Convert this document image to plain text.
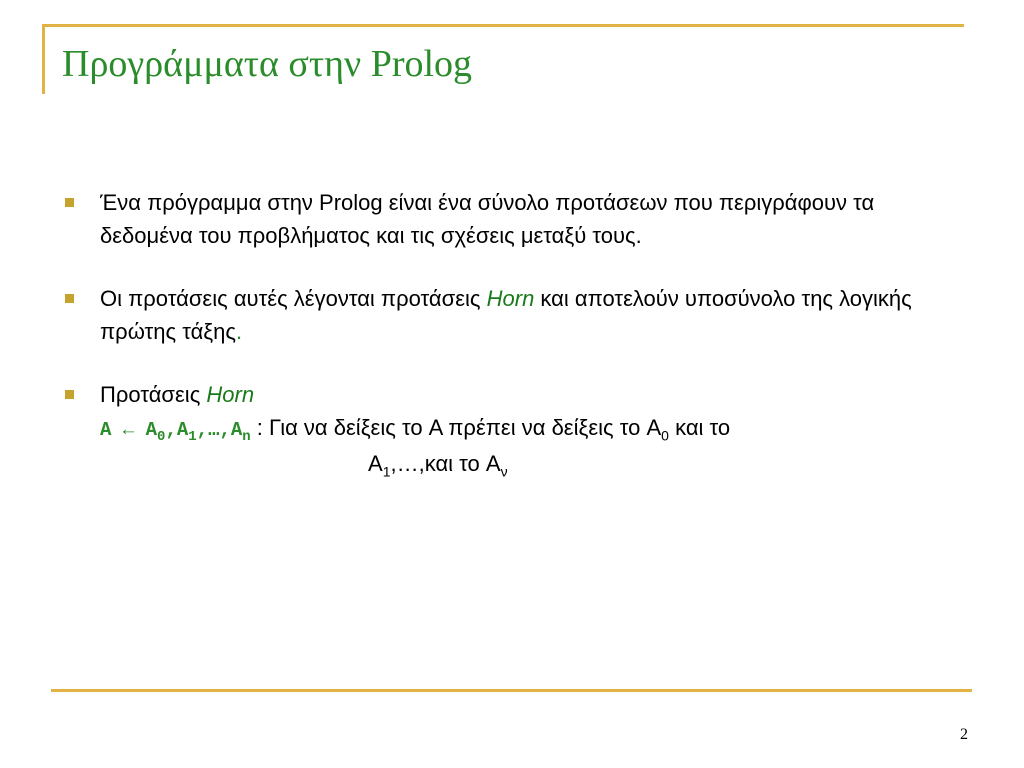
Προγράμματα στην Prolog
Ένα πρόγραμμα στην Prolog είναι ένα σύνολο προτάσεων που περιγράφουν τα δεδομένα του προβλήματος και τις σχέσεις μεταξύ τους.
Οι προτάσεις αυτές λέγονται προτάσεις Horn και αποτελούν υποσύνολο της λογικής πρώτης τάξης.
Προτάσεις Horn
A ← $A_0,A_1,\dots,A_n$ : Για να δείξεις το A πρέπει να δείξεις το $A_0$ και το
$A_1,\dots,\kappa\alpha\iota$ το $A_\nu$
2
